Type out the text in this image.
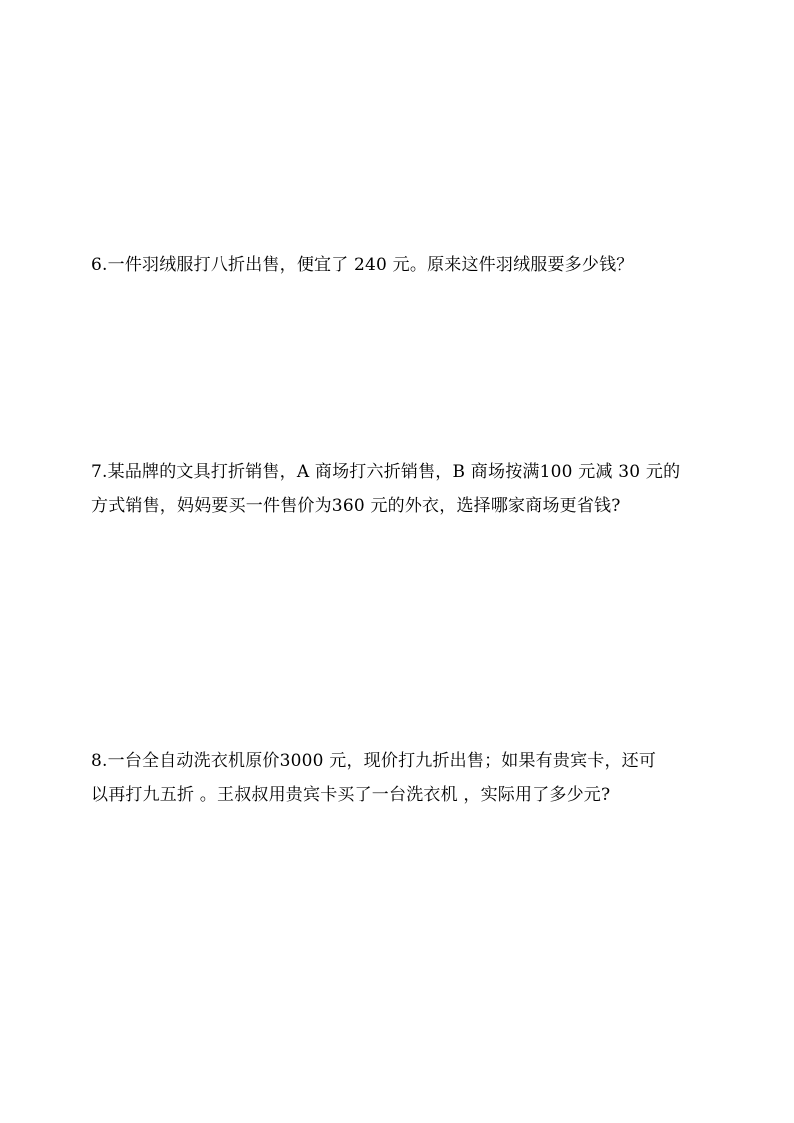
6.一件羽绒服打八折出售，便宜了 240 元。原来这件羽绒服要多少钱？
7.某品牌的文具打折销售，A 商场打六折销售，B 商场按满100 元减 30 元的
方式销售，妈妈要买一件售价为360 元的外衣，选择哪家商场更省钱?
8.一台全自动洗衣机原价3000 元，现价打九折出售；如果有贵宾卡，还可
以再打九五折 。王叔叔用贵宾卡买了一台洗衣机 ，实际用了多少元?
